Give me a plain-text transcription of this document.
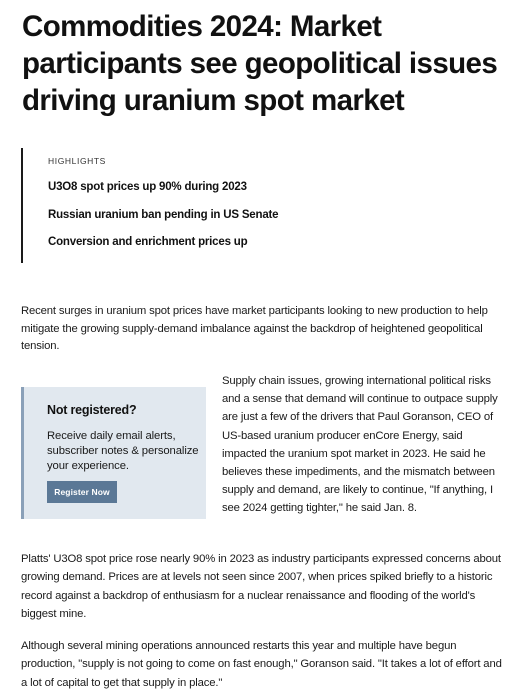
Commodities 2024: Market participants see geopolitical issues driving uranium spot market
HIGHLIGHTS
U3O8 spot prices up 90% during 2023
Russian uranium ban pending in US Senate
Conversion and enrichment prices up

Recent surges in uranium spot prices have market participants looking to new production to help mitigate the growing supply-demand imbalance against the backdrop of heightened geopolitical tension.

Not registered?

Receive daily email alerts, subscriber notes & personalize your experience.

Register Now

Supply chain issues, growing international political risks and a sense that demand will continue to outpace supply are just a few of the drivers that Paul Goranson, CEO of US-based uranium producer enCore Energy, said impacted the uranium spot market in 2023. He said he believes these impediments, and the mismatch between supply and demand, are likely to continue, "If anything, I see 2024 getting tighter," he said Jan. 8.

Platts' U3O8 spot price rose nearly 90% in 2023 as industry participants expressed concerns about growing demand. Prices are at levels not seen since 2007, when prices spiked briefly to a historic record against a backdrop of enthusiasm for a nuclear renaissance and flooding of the world's biggest mine.

Although several mining operations announced restarts this year and multiple have begun production, "supply is not going to come on fast enough," Goranson said. "It takes a lot of effort and a lot of capital to get that supply in place."
